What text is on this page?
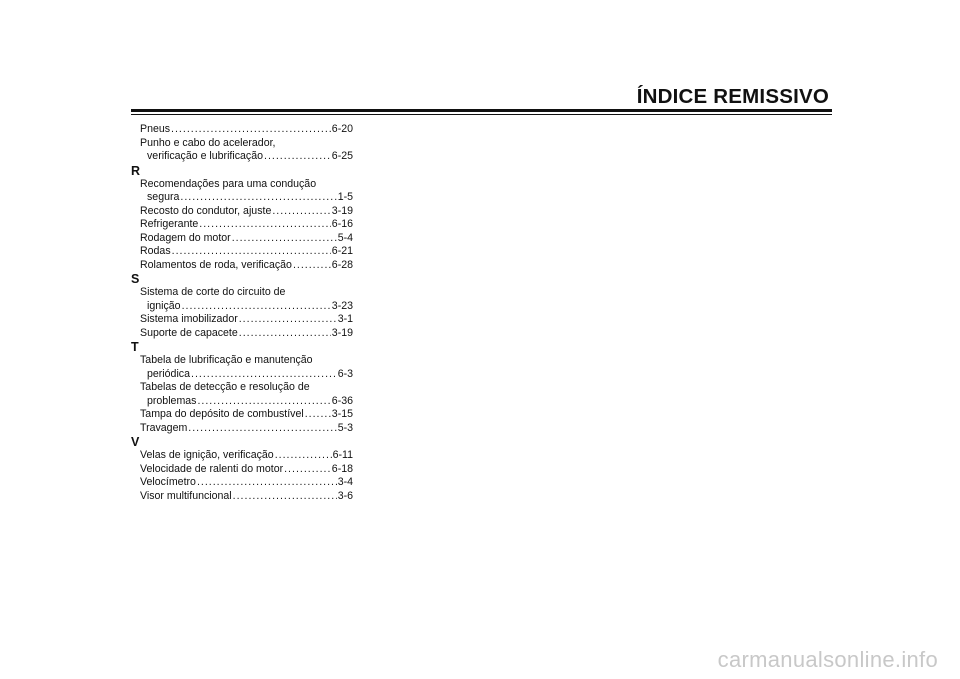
ÍNDICE REMISSIVO
Pneus .....	6-20
Punho e cabo do acelerador,
verificação e lubrificação .....	6-25
R
Recomendações para uma condução
segura .....	1-5
Recosto do condutor, ajuste .....	3-19
Refrigerante .....	6-16
Rodagem do motor .....	5-4
Rodas .....	6-21
Rolamentos de roda, verificação .....	6-28
S
Sistema de corte do circuito de
ignição .....	3-23
Sistema imobilizador .....	3-1
Suporte de capacete .....	3-19
T
Tabela de lubrificação e manutenção
periódica .....	6-3
Tabelas de detecção e resolução de
problemas .....	6-36
Tampa do depósito de combustível .....	3-15
Travagem .....	5-3
V
Velas de ignição, verificação .....	6-11
Velocidade de ralenti do motor .....	6-18
Velocímetro .....	3-4
Visor multifuncional .....	3-6
carmanualsonline.info
